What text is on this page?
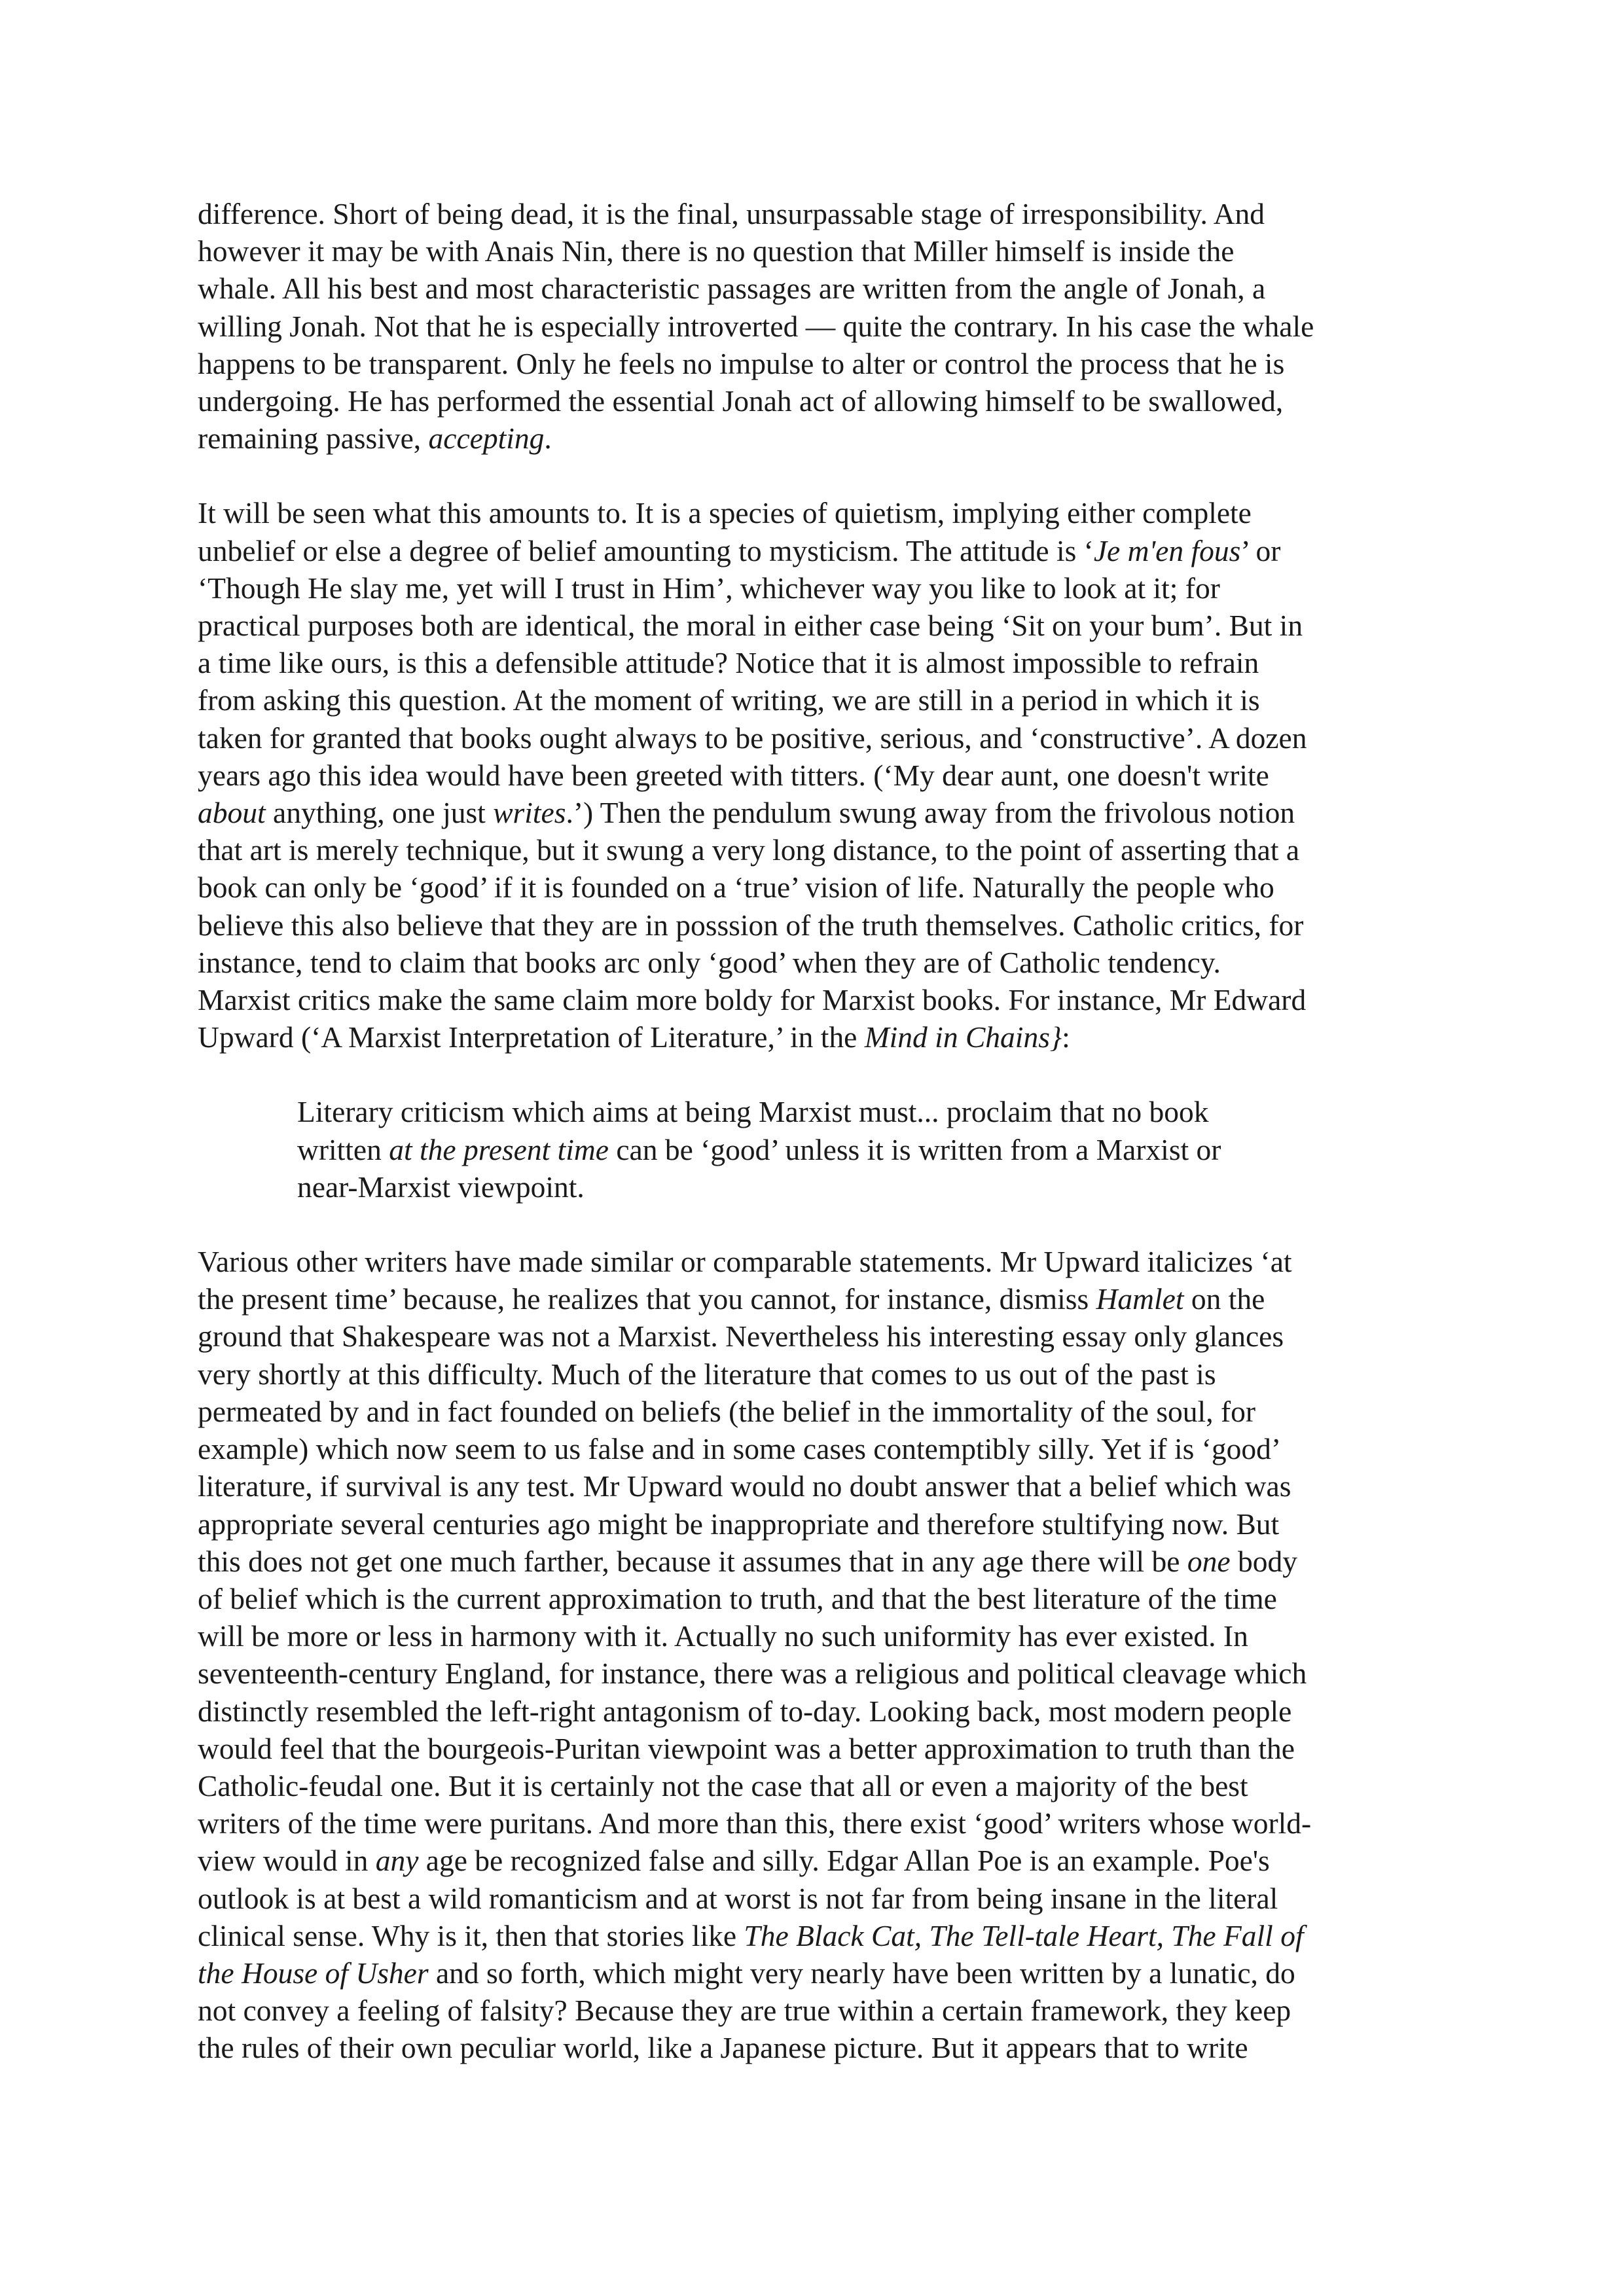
difference. Short of being dead, it is the final, unsurpassable stage of irresponsibility. And
however it may be with Anais Nin, there is no question that Miller himself is inside the
whale. All his best and most characteristic passages are written from the angle of Jonah, a
willing Jonah. Not that he is especially introverted — quite the contrary. In his case the whale
happens to be transparent. Only he feels no impulse to alter or control the process that he is
undergoing. He has performed the essential Jonah act of allowing himself to be swallowed,
remaining passive, accepting.
It will be seen what this amounts to. It is a species of quietism, implying either complete
unbelief or else a degree of belief amounting to mysticism. The attitude is ‘Je m'en fous’ or
‘Though He slay me, yet will I trust in Him’, whichever way you like to look at it; for
practical purposes both are identical, the moral in either case being ‘Sit on your bum’. But in
a time like ours, is this a defensible attitude? Notice that it is almost impossible to refrain
from asking this question. At the moment of writing, we are still in a period in which it is
taken for granted that books ought always to be positive, serious, and ‘constructive’. A dozen
years ago this idea would have been greeted with titters. (‘My dear aunt, one doesn't write
about anything, one just writes.’) Then the pendulum swung away from the frivolous notion
that art is merely technique, but it swung a very long distance, to the point of asserting that a
book can only be ‘good’ if it is founded on a ‘true’ vision of life. Naturally the people who
believe this also believe that they are in posssion of the truth themselves. Catholic critics, for
instance, tend to claim that books arc only ‘good’ when they are of Catholic tendency.
Marxist critics make the same claim more boldy for Marxist books. For instance, Mr Edward
Upward (‘A Marxist Interpretation of Literature,’ in the Mind in Chains}:
Literary criticism which aims at being Marxist must... proclaim that no book
written at the present time can be ‘good’ unless it is written from a Marxist or
near-Marxist viewpoint.
Various other writers have made similar or comparable statements. Mr Upward italicizes ‘at
the present time’ because, he realizes that you cannot, for instance, dismiss Hamlet on the
ground that Shakespeare was not a Marxist. Nevertheless his interesting essay only glances
very shortly at this difficulty. Much of the literature that comes to us out of the past is
permeated by and in fact founded on beliefs (the belief in the immortality of the soul, for
example) which now seem to us false and in some cases contemptibly silly. Yet if is ‘good’
literature, if survival is any test. Mr Upward would no doubt answer that a belief which was
appropriate several centuries ago might be inappropriate and therefore stultifying now. But
this does not get one much farther, because it assumes that in any age there will be one body
of belief which is the current approximation to truth, and that the best literature of the time
will be more or less in harmony with it. Actually no such uniformity has ever existed. In
seventeenth-century England, for instance, there was a religious and political cleavage which
distinctly resembled the left-right antagonism of to-day. Looking back, most modern people
would feel that the bourgeois-Puritan viewpoint was a better approximation to truth than the
Catholic-feudal one. But it is certainly not the case that all or even a majority of the best
writers of the time were puritans. And more than this, there exist ‘good’ writers whose world-
view would in any age be recognized false and silly. Edgar Allan Poe is an example. Poe's
outlook is at best a wild romanticism and at worst is not far from being insane in the literal
clinical sense. Why is it, then that stories like The Black Cat, The Tell-tale Heart, The Fall of
the House of Usher and so forth, which might very nearly have been written by a lunatic, do
not convey a feeling of falsity? Because they are true within a certain framework, they keep
the rules of their own peculiar world, like a Japanese picture. But it appears that to write
